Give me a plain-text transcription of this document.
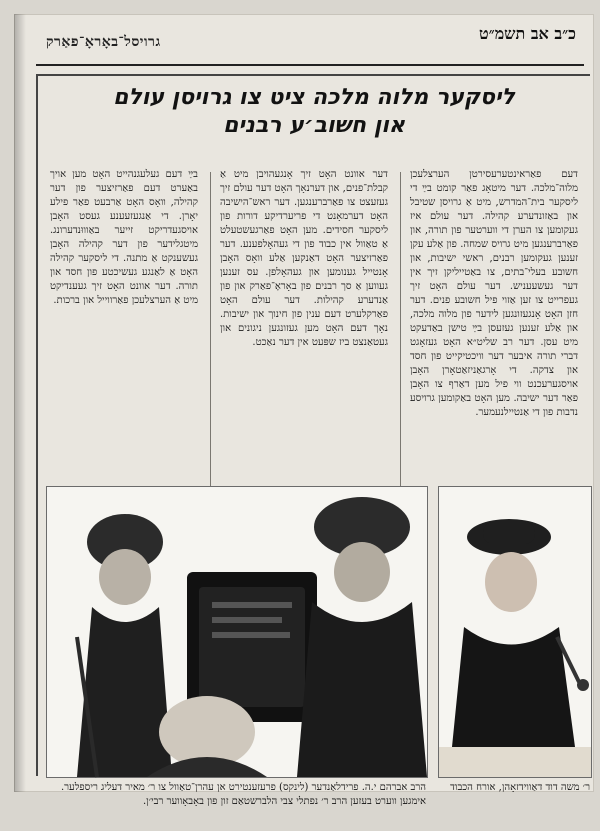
גרויסל־באָראָ־פאַרק	כ״ב אב תשמ״ט
ליסקער מלוה מלכה ציט צו גרויסן עולם
און חשוב׳ע רבנים
דעם פאַראינטערעסירטן הערצלעכן מלוה־מלכה. דער מיטאָג פאַר קומט בײַ די ליסקער בית־המדרש, מיט אַ גרויסן שטיבל און באַזונדערע קהילה. דער עולם איז געקומען צו הערן די ווערטער פון תורה, און פאַרברענגען מיט גרויס שמחה. פון אַלע עקן זענען געקומען רבנים, ראשי ישיבות, און חשובע בעלי־בתים, צו באַטייליקן זיך אין דער געשעעניש. דער עולם האָט זיך געפרייט צו זען אַזוי פיל חשובע פנים. דער חזן האָט אָנגעזונגען לידער פון מלוה מלכה, און אַלע זענען געזעסן בײַ טישן באַדעקט מיט עסן. דער רב שליט״א האָט געזאָגט דברי תורה איבער דער וויכטיקייט פון חסד און צדקה. די אָרגאַניזאַטאָרן האָבן אויסגערעכנט ווי פיל מען דאַרף צו האָבן פאַר דער ישיבה. מען האָט באַקומען גרויסע נדבות פון די אַנטיילנעמער.
דער אוונט האָט זיך אָנגעהויבן מיט אַ קבלת־פנים, און דערנאָך האָט דער עולם זיך געזעצט צו פאַרברענגען. דער ראש־הישיבה האָט דערמאָנט די פריערדיקע דורות פון ליסקער חסידים. מען האָט פאַרגעשטעלט אַ טאַוול אין כבוד פון די געהאָלפענע. דער פאַרזיצער האָט דאַנקען אַלע וואָס האָבן אָנטייל גענומען און געהאָלפן. עס זענען געווען אַ סך רבנים פון באָראָ־פאַרק און פון אַנדערע קהילות. דער עולם האָט פאַרקלערט דעם ענין פון חינוך און ישיבות. נאָך דעם האָט מען געזונגען ניגונים און געטאַנצט ביז שפּעט אין דער נאַכט.
בײַ דעם געלעגנהייט האָט מען אויך באַערט דעם פאַרזיצער פון דער קהילה, וואָס האָט אַרבעט פאַר פילע יאָרן. די אַנגעזעענע געסט האָבן אויסגעדריקט זייער באַוווּנדערונג. מיטגלידער פון דער קהילה האָבן געשענקט אַ מתנה. די ליסקער קהילה האָט אַ לאַנגע געשיכטע פון חסד און תורה. דער אוונט האָט זיך געענדיקט מיט אַ הערצלעכן פאַרווייל און ברכות.
הרב אברהם י.ה. פרידלאַנדער (לינקס) פרעזענטירט אן עהרן־טאַוול צו ר׳ מאיר דעליג ריספלער. אימגען ווערט בעזען הרב ר׳ נפתלי צבי הלברשטאַם זון פון באָבאָווער רבי׳ן.
ר׳ משה דוד דאַווידזאָהן, אורח הכבוד
